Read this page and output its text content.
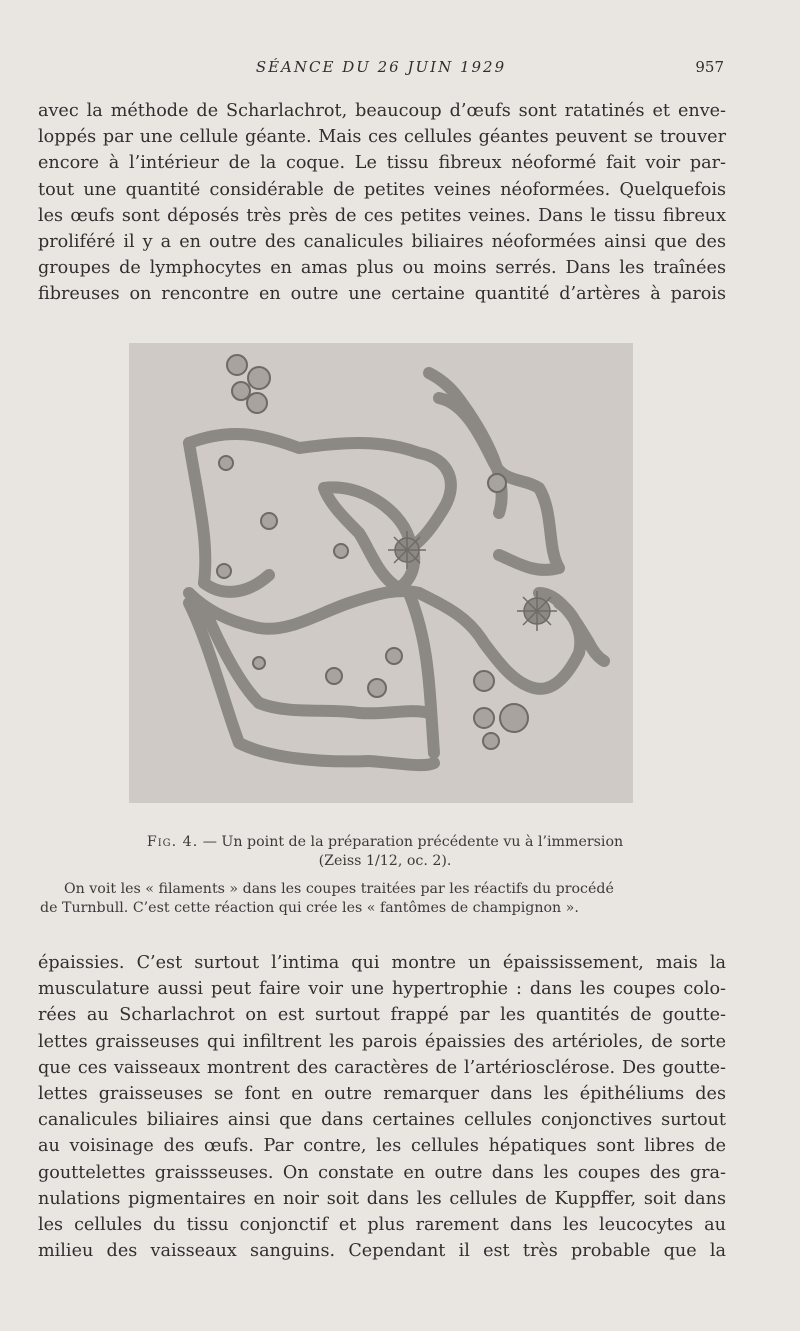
SÉANCE DU 26 JUIN 1929	957

avec la méthode de Scharlachrot, beaucoup d’œufs sont ratatinés et enve-
loppés par une cellule géante. Mais ces cellules géantes peuvent se trouver
encore à l’intérieur de la coque. Le tissu fibreux néoformé fait voir par-
tout une quantité considérable de petites veines néoformées. Quelquefois
les œufs sont déposés très près de ces petites veines. Dans le tissu fibreux
proliféré il y a en outre des canalicules biliaires néoformées ainsi que des
groupes de lymphocytes en amas plus ou moins serrés. Dans les traînées
fibreuses on rencontre en outre une certaine quantité d’artères à parois

Fig. 4. — Un point de la préparation précédente vu à l’immersion
(Zeiss 1/12, oc. 2).
On voit les « filaments » dans les coupes traitées par les réactifs du procédé
de Turnbull. C’est cette réaction qui crée les « fantômes de champignon ».

épaissies. C’est surtout l’intima qui montre un épaississement, mais la
musculature aussi peut faire voir une hypertrophie : dans les coupes colo-
rées au Scharlachrot on est surtout frappé par les quantités de goutte-
lettes graisseuses qui infiltrent les parois épaissies des artérioles, de sorte
que ces vaisseaux montrent des caractères de l’artériosclérose. Des goutte-
lettes graisseuses se font en outre remarquer dans les épithéliums des
canalicules biliaires ainsi que dans certaines cellules conjonctives surtout
au voisinage des œufs. Par contre, les cellules hépatiques sont libres de
gouttelettes graissseuses. On constate en outre dans les coupes des gra-
nulations pigmentaires en noir soit dans les cellules de Kuppffer, soit dans
les cellules du tissu conjonctif et plus rarement dans les leucocytes au
milieu des vaisseaux sanguins. Cependant il est très probable que la
